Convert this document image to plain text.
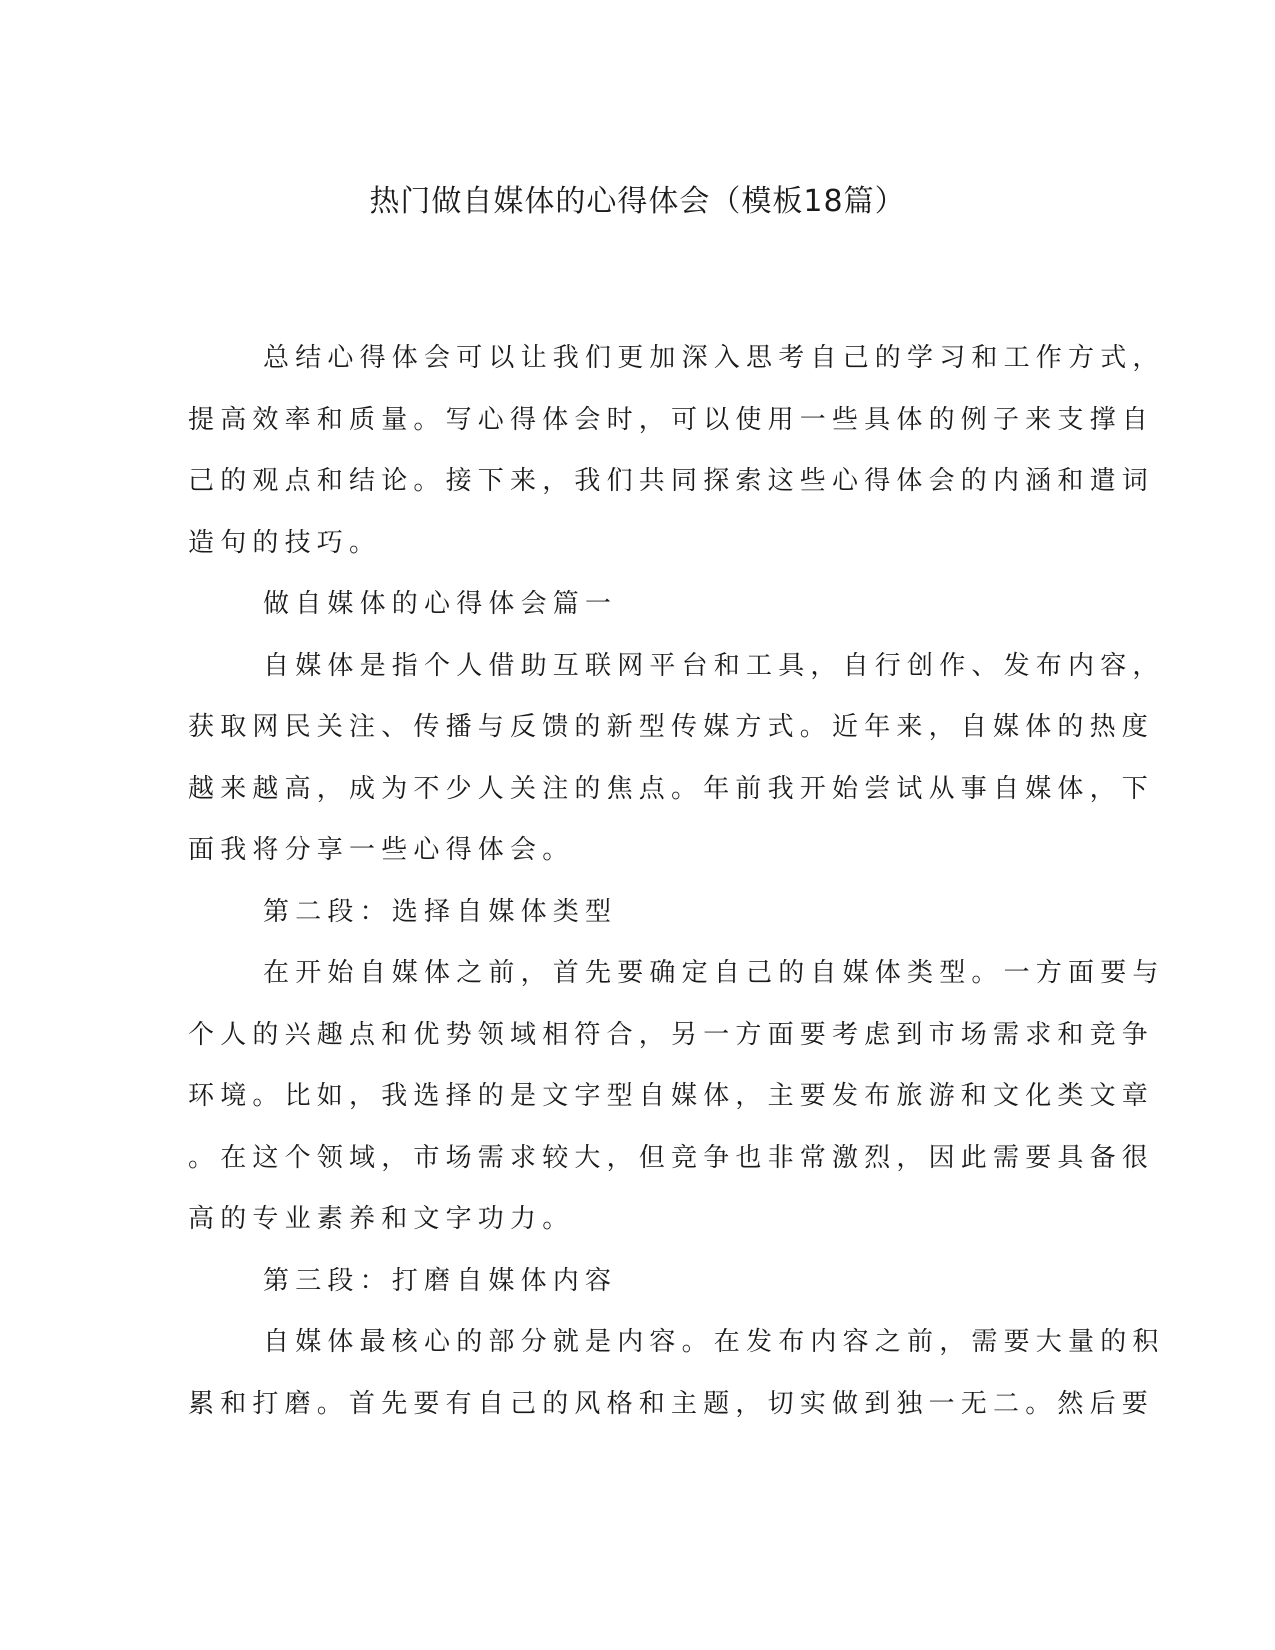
热门做自媒体的心得体会（模板18篇）
总结心得体会可以让我们更加深入思考自己的学习和工作方式，
提高效率和质量。写心得体会时，可以使用一些具体的例子来支撑自
己的观点和结论。接下来，我们共同探索这些心得体会的内涵和遣词
造句的技巧。
做自媒体的心得体会篇一
自媒体是指个人借助互联网平台和工具，自行创作、发布内容，
获取网民关注、传播与反馈的新型传媒方式。近年来，自媒体的热度
越来越高，成为不少人关注的焦点。年前我开始尝试从事自媒体，下
面我将分享一些心得体会。
第二段：选择自媒体类型
在开始自媒体之前，首先要确定自己的自媒体类型。一方面要与
个人的兴趣点和优势领域相符合，另一方面要考虑到市场需求和竞争
环境。比如，我选择的是文字型自媒体，主要发布旅游和文化类文章
。在这个领域，市场需求较大，但竞争也非常激烈，因此需要具备很
高的专业素养和文字功力。
第三段：打磨自媒体内容
自媒体最核心的部分就是内容。在发布内容之前，需要大量的积
累和打磨。首先要有自己的风格和主题，切实做到独一无二。然后要
